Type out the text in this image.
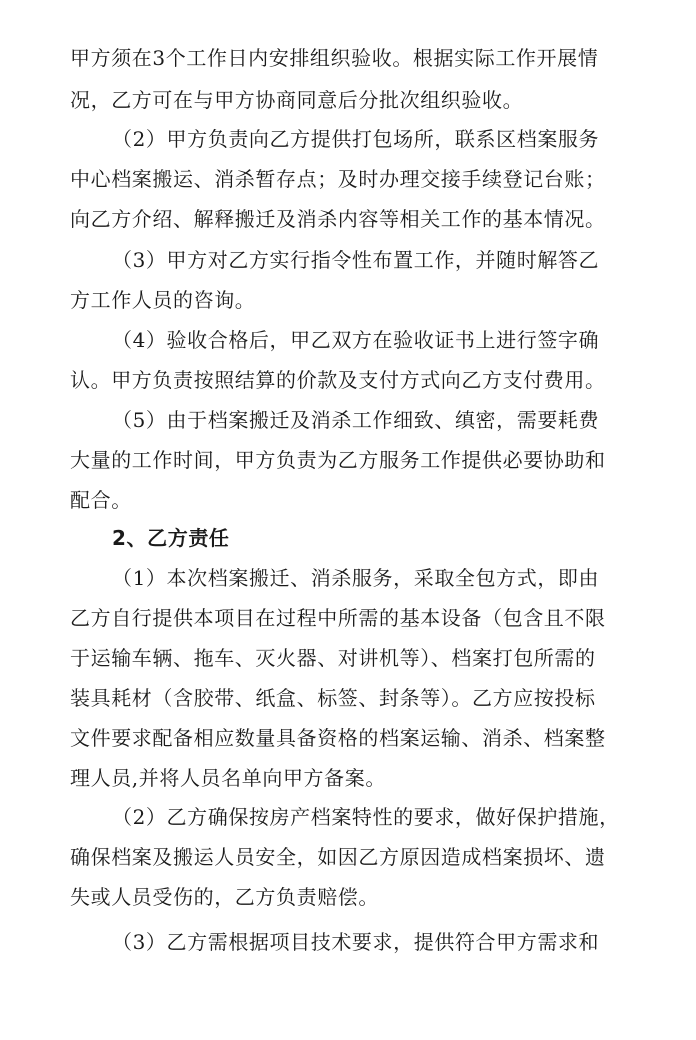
甲方须在3个工作日内安排组织验收。根据实际工作开展情
况，乙方可在与甲方协商同意后分批次组织验收。
（2）甲方负责向乙方提供打包场所，联系区档案服务
中心档案搬运、消杀暂存点；及时办理交接手续登记台账；
向乙方介绍、解释搬迁及消杀内容等相关工作的基本情况。
（3）甲方对乙方实行指令性布置工作，并随时解答乙
方工作人员的咨询。
（4）验收合格后，甲乙双方在验收证书上进行签字确
认。甲方负责按照结算的价款及支付方式向乙方支付费用。
（5）由于档案搬迁及消杀工作细致、缜密，需要耗费
大量的工作时间，甲方负责为乙方服务工作提供必要协助和
配合。
2、乙方责任
（1）本次档案搬迁、消杀服务，采取全包方式，即由
乙方自行提供本项目在过程中所需的基本设备（包含且不限
于运输车辆、拖车、灭火器、对讲机等）、档案打包所需的
装具耗材（含胶带、纸盒、标签、封条等）。乙方应按投标
文件要求配备相应数量具备资格的档案运输、消杀、档案整
理人员,并将人员名单向甲方备案。
（2）乙方确保按房产档案特性的要求，做好保护措施，
确保档案及搬运人员安全，如因乙方原因造成档案损坏、遗
失或人员受伤的，乙方负责赔偿。
（3）乙方需根据项目技术要求，提供符合甲方需求和
